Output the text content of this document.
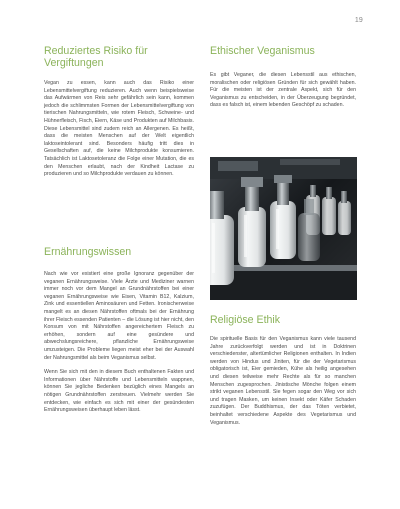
19
Reduziertes Risiko für Vergiftungen

Vegan zu essen, kann auch das Risiko einer Lebensmittelvergiftung reduzieren. Auch wenn beispielsweise das Aufwärmen von Reis sehr gefährlich sein kann, kommen jedoch die schlimmsten Formen der Lebensmittelvergiftung von tierischen Nahrungsmitteln, wie rotem Fleisch, Schweine- und Hühnerfleisch, Fisch, Eiern, Käse und Produkten auf Milchbasis. Diese Lebensmittel sind zudem reich an Allergenen. Es heißt, dass die meisten Menschen auf der Welt eigentlich laktoseintolerant sind. Besonders häufig tritt dies in Gesellschaften auf, die keine Milchprodukte konsumieren. Tatsächlich ist Laktosetoleranz die Folge einer Mutation, die es den Menschen erlaubt, nach der Kindheit Lactase zu produzieren und so Milchprodukte verdauen zu können.

Ernährungswissen

Nach wie vor existiert eine große Ignoranz gegenüber der veganen Ernährungsweise. Viele Ärzte und Mediziner warnen immer noch vor dem Mangel an Grundnährstoffen bei einer veganen Ernährungsweise wie Eisen, Vitamin B12, Kalzium, Zink und essentiellen Aminosäuren und Fetten. Ironischerweise mangelt es an diesen Nährstoffen oftmals bei der Ernährung ihrer Fleisch essenden Patienten – die Lösung ist hier nicht, den Konsum von mit Nährstoffen angereichertem Fleisch zu erhöhen, sondern auf eine gesündere und abwechslungsreichere, pflanzliche Ernährungsweise umzusteigen. Die Probleme liegen meist eher bei der Auswahl der Nahrungsmittel als beim Veganismus selbst.

Wenn Sie sich mit den in diesem Buch enthaltenen Fakten und Informationen über Nährstoffe und Lebensmitteln wappnen, können Sie jegliche Bedenken bezüglich eines Mangels an nötigen Grundnährstoffen zerstreuen. Vielmehr werden Sie entdecken, wie einfach es sich mit einer der gesündesten Ernährungsweisen überhaupt leben lässt.

Ethischer Veganismus

Es gibt Veganer, die diesen Lebensstil aus ethischen, moralischen oder religiösen Gründen für sich gewählt haben. Für die meisten ist der zentrale Aspekt, sich für den Veganismus zu entscheiden, in der Überzeugung begründet, dass es falsch ist, einem lebenden Geschöpf zu schaden.

Religiöse Ethik

Die spirituelle Basis für den Veganismus kann viele tausend Jahre zurückverfolgt werden und ist in Doktrinen verschiedenster, altertümlicher Religionen enthalten. In Indien werden von Hindus und Jiniten, für die der Vegetarismus obligatorisch ist, Eier gemieden, Kühe als heilig angesehen und diesen teilweise mehr Rechte als für so manchen Menschen zugesprochen. Jinistische Mönche folgen einem strikt veganen Lebensstil. Sie fegen sogar den Weg vor sich und tragen Masken, um keinen Insekt oder Käfer Schaden zuzufügen. Der Buddhismus, der das Töten verbietet, beinhaltet verschiedene Aspekte des Vegetarismus und Veganismus.
